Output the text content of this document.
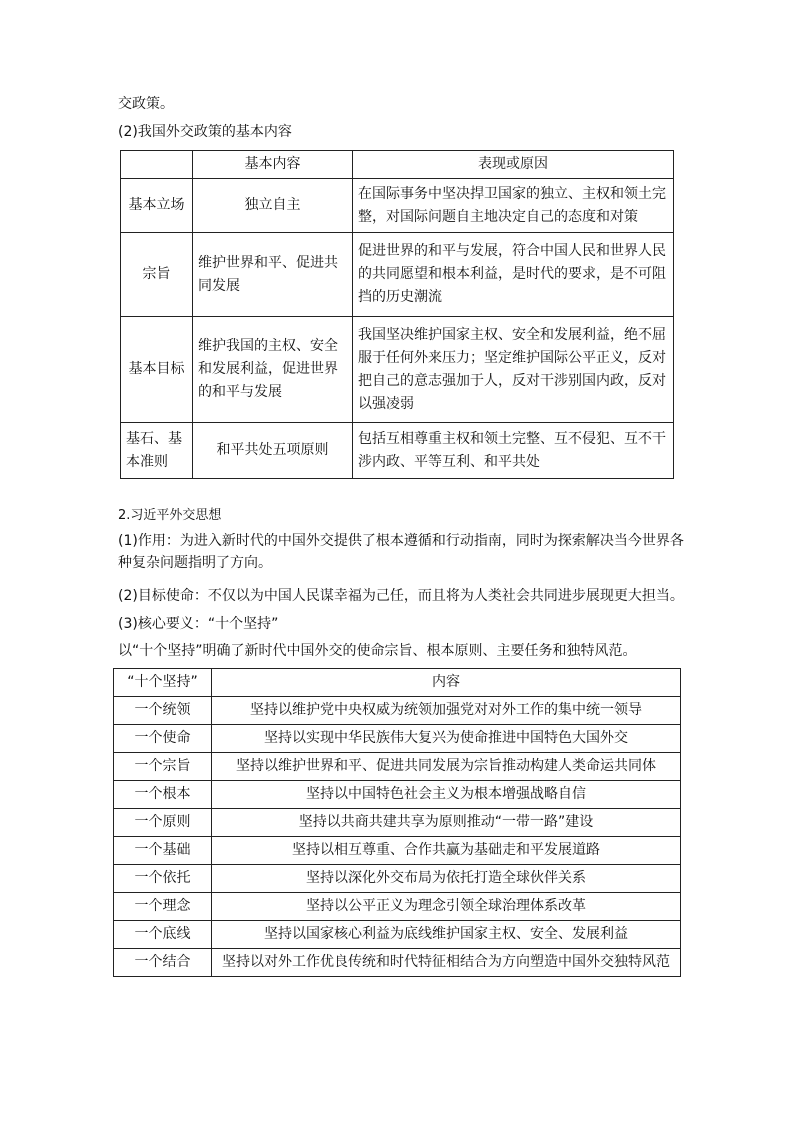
交政策。
(2)我国外交政策的基本内容
	基本内容	表现或原因
基本立场	独立自主	在国际事务中坚决捍卫国家的独立、主权和领土完整，对国际问题自主地决定自己的态度和对策
宗旨	维护世界和平、促进共同发展	促进世界的和平与发展，符合中国人民和世界人民的共同愿望和根本利益，是时代的要求，是不可阻挡的历史潮流
基本目标	维护我国的主权、安全和发展利益，促进世界的和平与发展	我国坚决维护国家主权、安全和发展利益，绝不屈服于任何外来压力；坚定维护国际公平正义，反对把自己的意志强加于人，反对干涉别国内政，反对以强凌弱
基石、基本准则	和平共处五项原则	包括互相尊重主权和领土完整、互不侵犯、互不干涉内政、平等互利、和平共处
2.习近平外交思想
(1)作用：为进入新时代的中国外交提供了根本遵循和行动指南，同时为探索解决当今世界各种复杂问题指明了方向。
(2)目标使命：不仅以为中国人民谋幸福为己任，而且将为人类社会共同进步展现更大担当。
(3)核心要义：“十个坚持”
以“十个坚持”明确了新时代中国外交的使命宗旨、根本原则、主要任务和独特风范。
“十个坚持”	内容
一个统领	坚持以维护党中央权威为统领加强党对对外工作的集中统一领导
一个使命	坚持以实现中华民族伟大复兴为使命推进中国特色大国外交
一个宗旨	坚持以维护世界和平、促进共同发展为宗旨推动构建人类命运共同体
一个根本	坚持以中国特色社会主义为根本增强战略自信
一个原则	坚持以共商共建共享为原则推动“一带一路”建设
一个基础	坚持以相互尊重、合作共赢为基础走和平发展道路
一个依托	坚持以深化外交布局为依托打造全球伙伴关系
一个理念	坚持以公平正义为理念引领全球治理体系改革
一个底线	坚持以国家核心利益为底线维护国家主权、安全、发展利益
一个结合	坚持以对外工作优良传统和时代特征相结合为方向塑造中国外交独特风范
